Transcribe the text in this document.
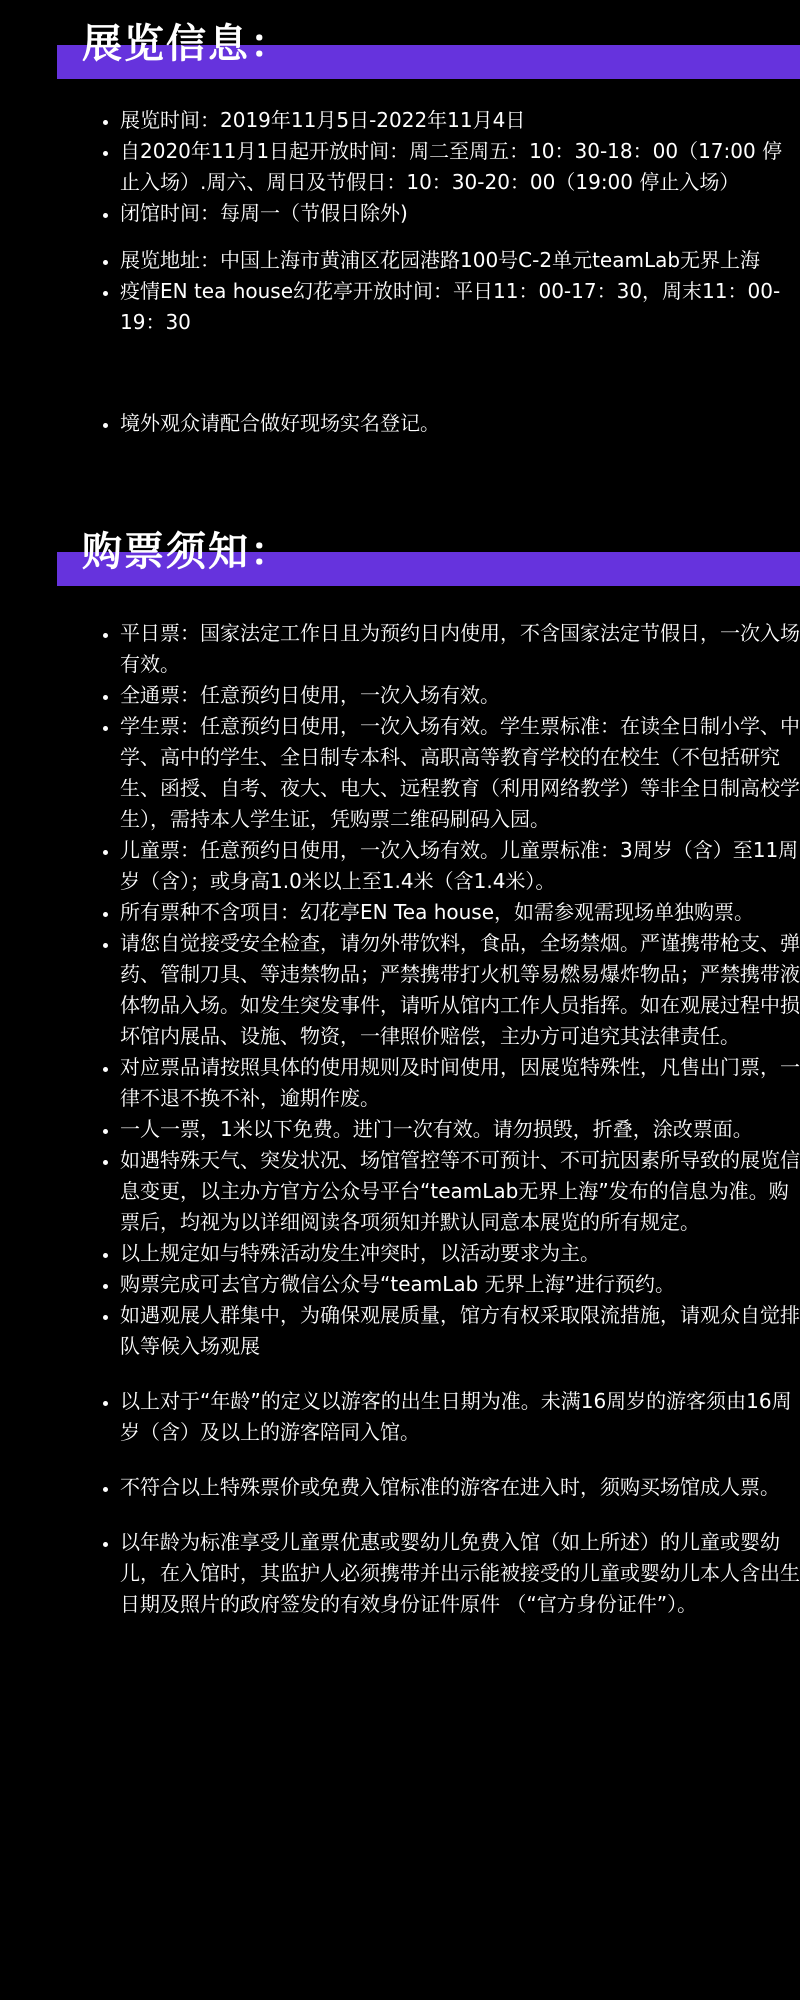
展览信息：
• 展览时间：2019年11月5日-2022年11月4日
• 自2020年11月1日起开放时间：周二至周五：10：30-18：00（17:00 停止入场）.周六、周日及节假日：10：30-20：00（19:00 停止入场）
• 闭馆时间：每周一（节假日除外)
• 展览地址：中国上海市黄浦区花园港路100号C-2单元teamLab无界上海
• 疫情EN tea house幻花亭开放时间：平日11：00-17：30，周末11：00-19：30
• 境外观众请配合做好现场实名登记。
购票须知：
• 平日票：国家法定工作日且为预约日内使用，不含国家法定节假日，一次入场有效。
• 全通票：任意预约日使用，一次入场有效。
• 学生票：任意预约日使用，一次入场有效。学生票标准：在读全日制小学、中学、高中的学生、全日制专本科、高职高等教育学校的在校生（不包括研究生、函授、自考、夜大、电大、远程教育（利用网络教学）等非全日制高校学生），需持本人学生证，凭购票二维码刷码入园。
• 儿童票：任意预约日使用，一次入场有效。儿童票标准：3周岁（含）至11周岁（含）；或身高1.0米以上至1.4米（含1.4米）。
• 所有票种不含项目：幻花亭EN Tea house，如需参观需现场单独购票。
• 请您自觉接受安全检查，请勿外带饮料，食品，全场禁烟。严谨携带枪支、弹药、管制刀具、等违禁物品；严禁携带打火机等易燃易爆炸物品；严禁携带液体物品入场。如发生突发事件，请听从馆内工作人员指挥。如在观展过程中损坏馆内展品、设施、物资，一律照价赔偿，主办方可追究其法律责任。
• 对应票品请按照具体的使用规则及时间使用，因展览特殊性，凡售出门票，一律不退不换不补，逾期作废。
• 一人一票，1米以下免费。进门一次有效。请勿损毁，折叠，涂改票面。
• 如遇特殊天气、突发状况、场馆管控等不可预计、不可抗因素所导致的展览信息变更，以主办方官方公众号平台“teamLab无界上海”发布的信息为准。购票后，均视为以详细阅读各项须知并默认同意本展览的所有规定。
• 以上规定如与特殊活动发生冲突时，以活动要求为主。
• 购票完成可去官方微信公众号“teamLab 无界上海”进行预约。
• 如遇观展人群集中，为确保观展质量，馆方有权采取限流措施，请观众自觉排队等候入场观展
• 以上对于“年龄”的定义以游客的出生日期为准。未满16周岁的游客须由16周岁（含）及以上的游客陪同入馆。
• 不符合以上特殊票价或免费入馆标准的游客在进入时，须购买场馆成人票。
• 以年龄为标准享受儿童票优惠或婴幼儿免费入馆（如上所述）的儿童或婴幼儿，在入馆时，其监护人必须携带并出示能被接受的儿童或婴幼儿本人含出生日期及照片的政府签发的有效身份证件原件 （“官方身份证件”）。
